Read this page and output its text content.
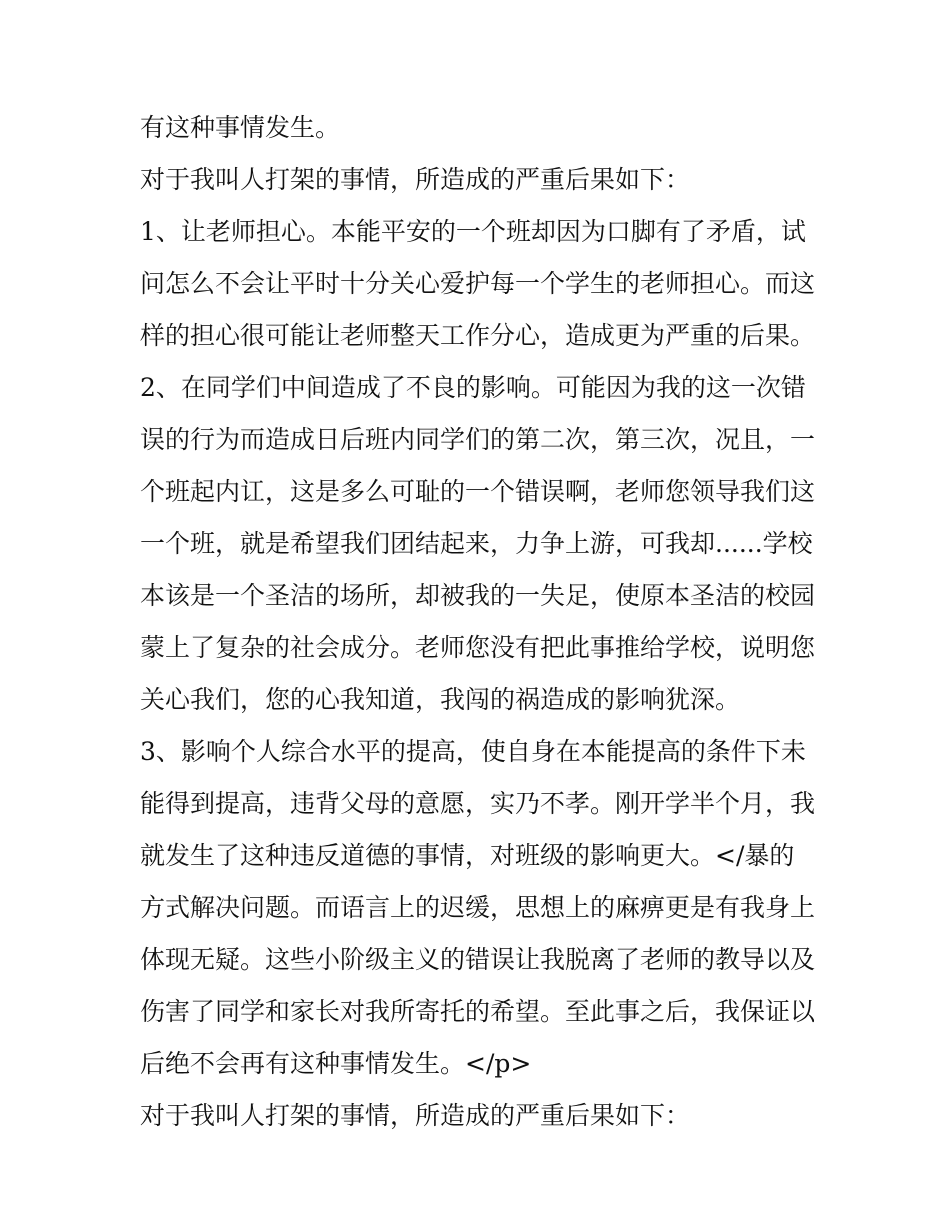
有这种事情发生。
对于我叫人打架的事情，所造成的严重后果如下：
1、让老师担心。本能平安的一个班却因为口脚有了矛盾，试
问怎么不会让平时十分关心爱护每一个学生的老师担心。而这
样的担心很可能让老师整天工作分心，造成更为严重的后果。
2、在同学们中间造成了不良的影响。可能因为我的这一次错
误的行为而造成日后班内同学们的第二次，第三次，况且，一
个班起内讧，这是多么可耻的一个错误啊，老师您领导我们这
一个班，就是希望我们团结起来，力争上游，可我却......学校
本该是一个圣洁的场所，却被我的一失足，使原本圣洁的校园
蒙上了复杂的社会成分。老师您没有把此事推给学校，说明您
关心我们，您的心我知道，我闯的祸造成的影响犹深。
3、影响个人综合水平的提高，使自身在本能提高的条件下未
能得到提高，违背父母的意愿，实乃不孝。刚开学半个月，我
就发生了这种违反道德的事情，对班级的影响更大。</暴的
方式解决问题。而语言上的迟缓，思想上的麻痹更是有我身上
体现无疑。这些小阶级主义的错误让我脱离了老师的教导以及
伤害了同学和家长对我所寄托的希望。至此事之后，我保证以
后绝不会再有这种事情发生。</p>
对于我叫人打架的事情，所造成的严重后果如下：
